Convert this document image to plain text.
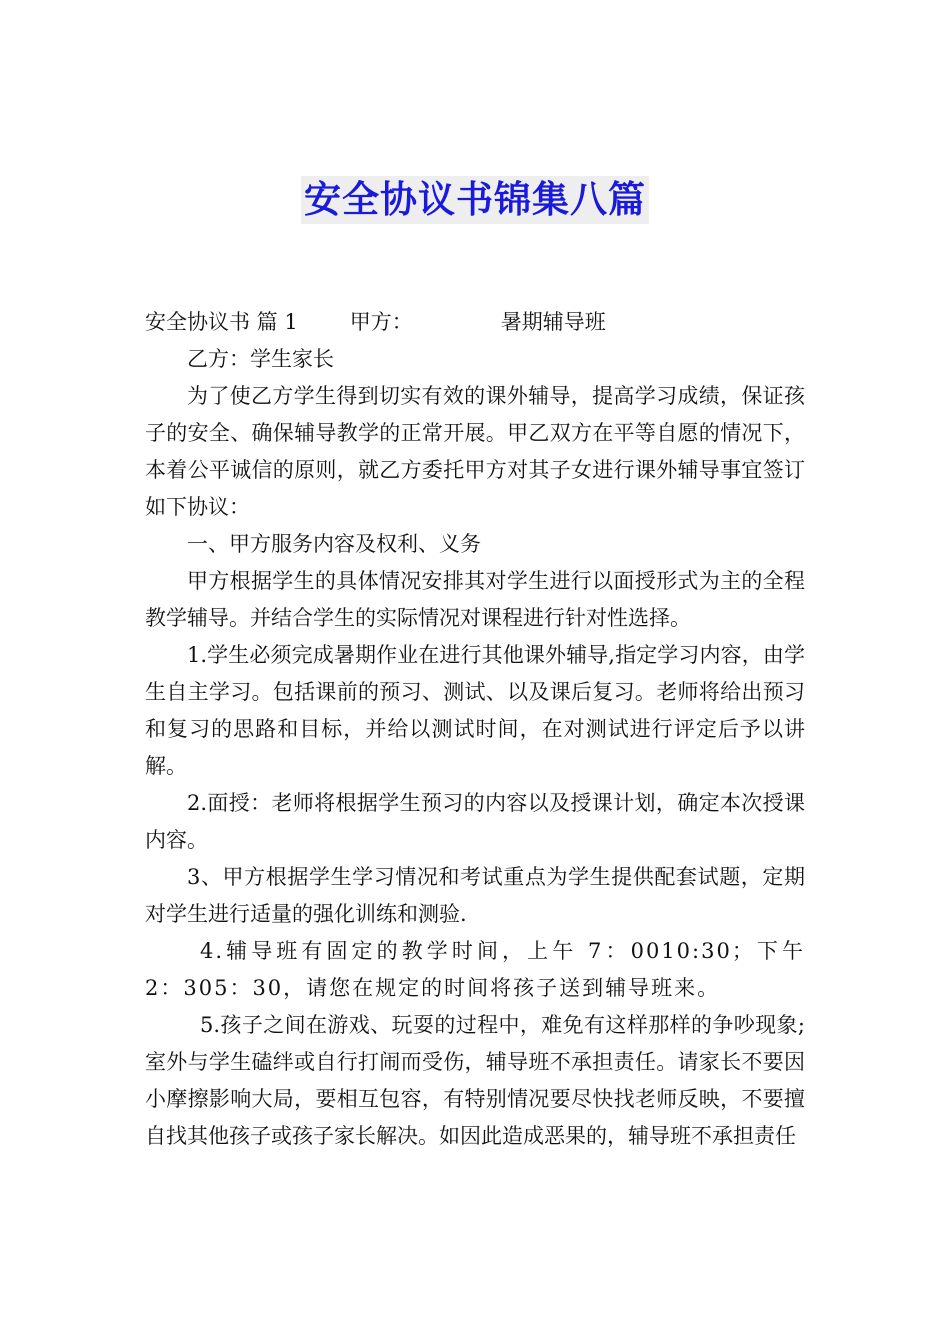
安全协议书锦集八篇

安全协议书 篇 1 甲方：	暑期辅导班

乙方：学生家长

为了使乙方学生得到切实有效的课外辅导，提高学习成绩，保证孩子的安全、确保辅导教学的正常开展。甲乙双方在平等自愿的情况下，本着公平诚信的原则，就乙方委托甲方对其子女进行课外辅导事宜签订如下协议：

一、甲方服务内容及权利、义务

甲方根据学生的具体情况安排其对学生进行以面授形式为主的全程教学辅导。并结合学生的实际情况对课程进行针对性选择。

1.学生必须完成暑期作业在进行其他课外辅导,指定学习内容，由学生自主学习。包括课前的预习、测试、以及课后复习。老师将给出预习和复习的思路和目标，并给以测试时间，在对测试进行评定后予以讲解。

2.面授：老师将根据学生预习的内容以及授课计划，确定本次授课内容。

3、甲方根据学生学习情况和考试重点为学生提供配套试题，定期对学生进行适量的强化训练和测验.

4.辅导班有固定的教学时间，上午 7：0010:30；下午 2：305：30，请您在规定的时间将孩子送到辅导班来。

5.孩子之间在游戏、玩耍的过程中，难免有这样那样的争吵现象;室外与学生磕绊或自行打闹而受伤，辅导班不承担责任。请家长不要因小摩擦影响大局，要相互包容，有特别情况要尽快找老师反映，不要擅自找其他孩子或孩子家长解决。如因此造成恶果的，辅导班不承担责任
